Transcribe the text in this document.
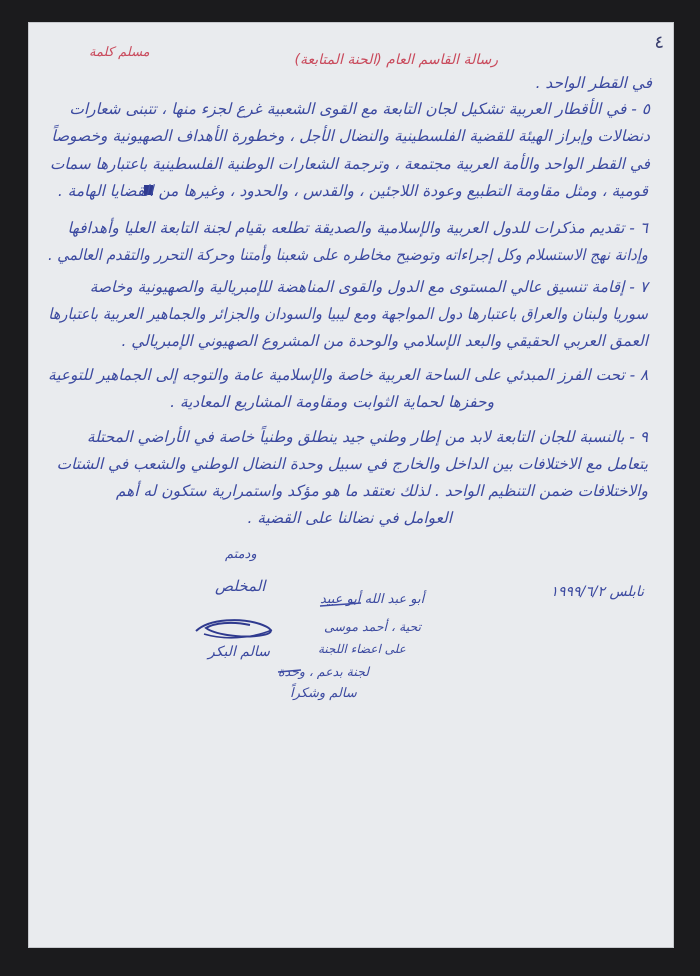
٤
رسالة القاسم العام (الحنة المتابعة)
مسلم كلمة
في القطر الواحد .
٥ - في الأقطار العربية تشكيل لجان التابعة مع القوى الشعبية غرع لجزء منها ، تتبنى شعارات
دنضالات وإبراز الهيئة للقضية الفلسطينية والنضال الأجل ، وخطورة الأهداف الصهيونية وخصوصاً
في القطر الواحد والأمة العربية مجتمعة ، وترجمة الشعارات الوطنية الفلسطينية باعتبارها سمات
قومية ، ومثل مقاومة التطبيع وعودة اللاجئين ، والقدس ، والحدود ، وغيرها من القضايا الهامة .
٦ - تقديم مذكرات للدول العربية والإسلامية والصديقة تطلعه بقيام لجنة التابعة العليا وأهدافها
وإدانة نهج الاستسلام وكل إجراءاته وتوضيح مخاطره على شعبنا وأمتنا وحركة التحرر والتقدم العالمي .
٧ - إقامة تنسيق عالي المستوى مع الدول والقوى المناهضة للإمبريالية والصهيونية وخاصة
سوريا ولبنان والعراق باعتبارها دول المواجهة ومع ليبيا والسودان والجزائر والجماهير العربية باعتبارها
العمق العربي الحقيقي والبعد الإسلامي والوحدة من المشروع الصهيوني الإمبريالي .
٨ - تحت الفرز المبدئي على الساحة العربية خاصة والإسلامية عامة والتوجه إلى الجماهير للتوعية
وحفزها لحماية الثوابت ومقاومة المشاريع المعادية .
٩ - بالنسبة للجان التابعة لابد من إطار وطني جيد ينطلق وطنياً خاصة في الأراضي المحتلة
يتعامل مع الاختلافات بين الداخل والخارج في سبيل وحدة النضال الوطني والشعب في الشتات
والاختلافات ضمن التنظيم الواحد . لذلك نعتقد ما هو مؤكد واستمرارية ستكون له أهم
العوامل في نضالنا على القضية .
ودمتم
المخلص
سالم البكر
نابلس ١٩٩٩/٦/٢
أبو عبد الله أبو عبيد
تحية ، أحمد موسى
على اعضاء اللجنة
لجنة بدعم ، وحدة
سالم وشكراً
